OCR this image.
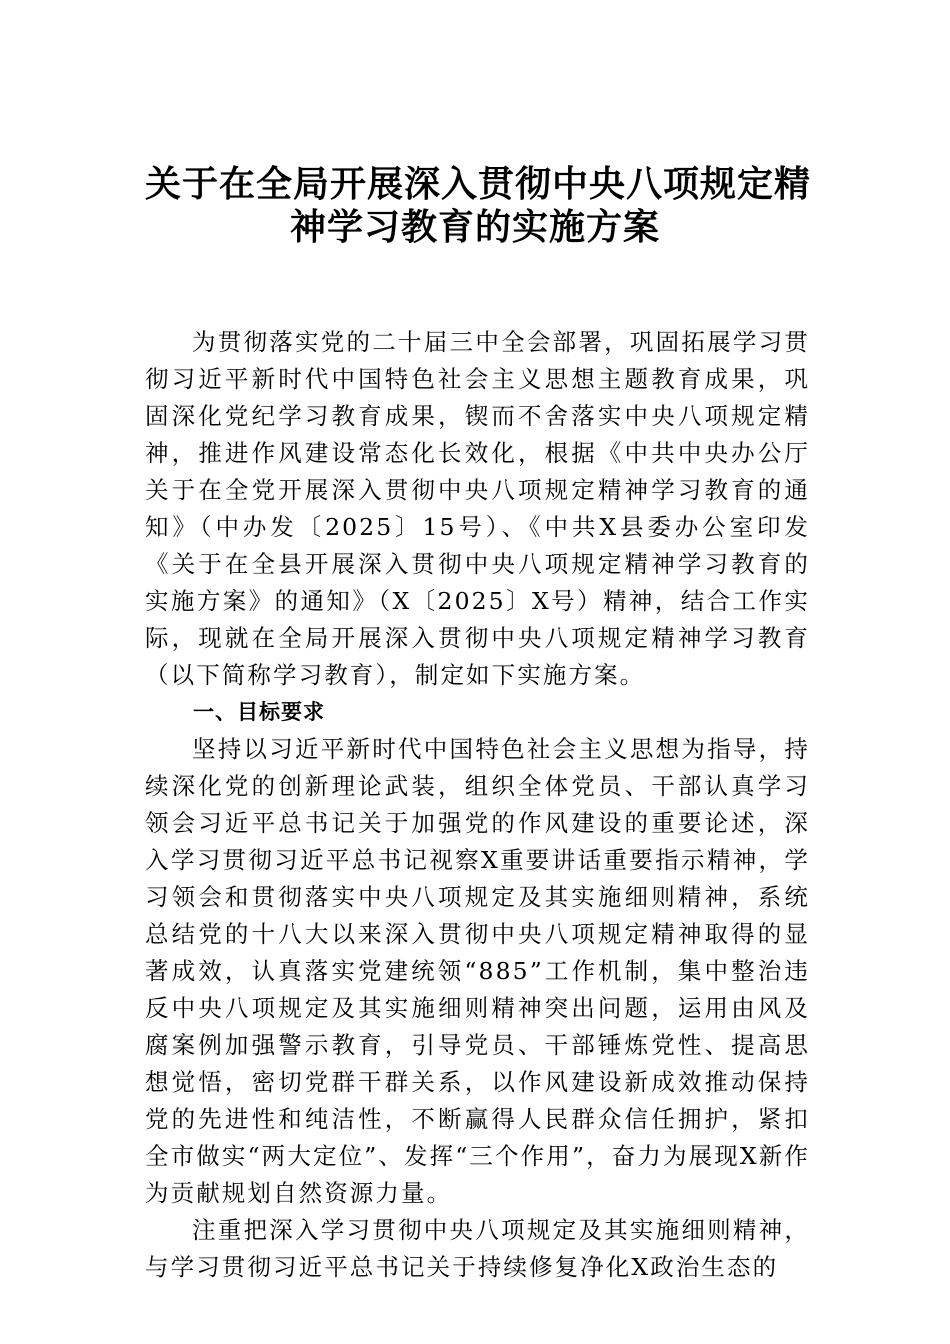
关于在全局开展深入贯彻中央八项规定精
神学习教育的实施方案

为贯彻落实党的二十届三中全会部署，巩固拓展学习贯彻习近平新时代中国特色社会主义思想主题教育成果，巩固深化党纪学习教育成果，锲而不舍落实中央八项规定精神，推进作风建设常态化长效化，根据《中共中央办公厅关于在全党开展深入贯彻中央八项规定精神学习教育的通知》（中办发〔2025〕15号）、《中共X县委办公室印发《关于在全县开展深入贯彻中央八项规定精神学习教育的实施方案》的通知》（X〔2025〕X号）精神，结合工作实际，现就在全局开展深入贯彻中央八项规定精神学习教育（以下简称学习教育），制定如下实施方案。

一、目标要求

坚持以习近平新时代中国特色社会主义思想为指导，持续深化党的创新理论武装，组织全体党员、干部认真学习领会习近平总书记关于加强党的作风建设的重要论述，深入学习贯彻习近平总书记视察X重要讲话重要指示精神，学习领会和贯彻落实中央八项规定及其实施细则精神，系统总结党的十八大以来深入贯彻中央八项规定精神取得的显著成效，认真落实党建统领“885”工作机制，集中整治违反中央八项规定及其实施细则精神突出问题，运用由风及腐案例加强警示教育，引导党员、干部锤炼党性、提高思想觉悟，密切党群干群关系，以作风建设新成效推动保持党的先进性和纯洁性，不断赢得人民群众信任拥护，紧扣全市做实“两大定位”、发挥“三个作用”，奋力为展现X新作为贡献规划自然资源力量。

注重把深入学习贯彻中央八项规定及其实施细则精神，与学习贯彻习近平总书记关于持续修复净化X政治生态的
